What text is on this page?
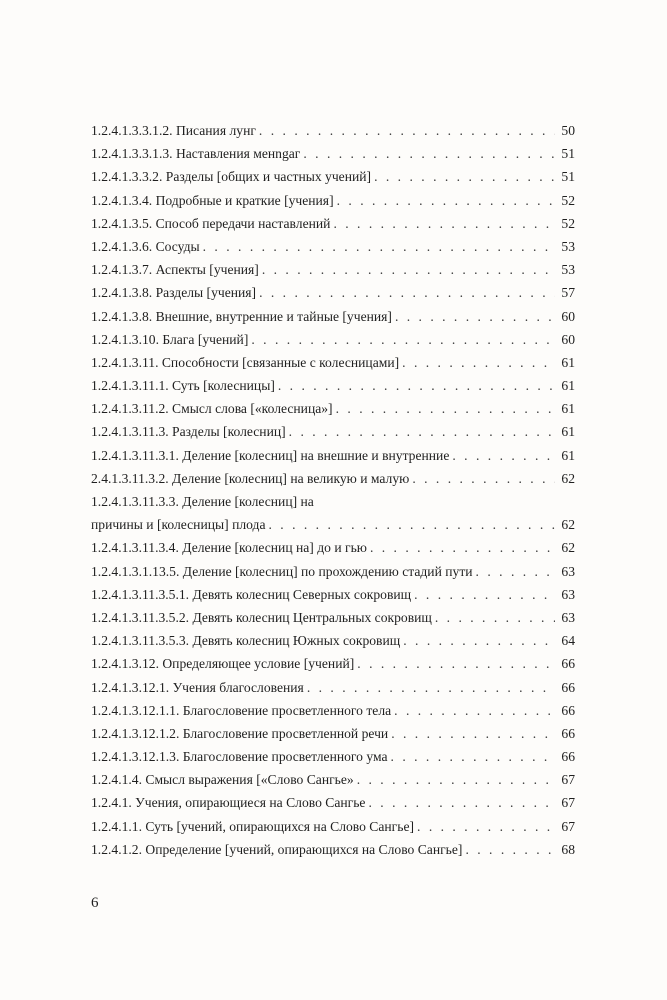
1.2.4.1.3.3.1.2. Писания лунг . . .	50
1.2.4.1.3.3.1.3. Наставления менngаг . . .	51
1.2.4.1.3.3.2. Разделы [общих и частных учений] . . .	51
1.2.4.1.3.4. Подробные и краткие [учения] . . .	52
1.2.4.1.3.5. Способ передачи наставлений . . .	52
1.2.4.1.3.6. Сосуды . . .	53
1.2.4.1.3.7. Аспекты [учения] . . .	53
1.2.4.1.3.8. Разделы [учения] . . .	57
1.2.4.1.3.8. Внешние, внутренние и тайные [учения] . . .	60
1.2.4.1.3.10. Блага [учений] . . .	60
1.2.4.1.3.11. Способности [связанные с колесницами] . . .	61
1.2.4.1.3.11.1. Суть [колесницы] . . .	61
1.2.4.1.3.11.2. Смысл слова [«колесница»] . . .	61
1.2.4.1.3.11.3. Разделы [колесниц] . . .	61
1.2.4.1.3.11.3.1. Деление [колесниц] на внешние и внутренние . . .	61
2.4.1.3.11.3.2. Деление [колесниц] на великую и малую . . .	62
1.2.4.1.3.11.3.3. Деление [колесниц] на
причины и [колесницы] плода . . .	62
1.2.4.1.3.11.3.4. Деление [колесниц на] до и гью . . .	62
1.2.4.1.3.1.13.5. Деление [колесниц] по прохождению стадий пути . . .	63
1.2.4.1.3.11.3.5.1. Девять колесниц Северных сокровищ . . .	63
1.2.4.1.3.11.3.5.2. Девять колесниц Центральных сокровищ . . .	63
1.2.4.1.3.11.3.5.3. Девять колесниц Южных сокровищ . . .	64
1.2.4.1.3.12. Определяющее условие [учений] . . .	66
1.2.4.1.3.12.1. Учения благословения . . .	66
1.2.4.1.3.12.1.1. Благословение просветленного тела . . .	66
1.2.4.1.3.12.1.2. Благословение просветленной речи . . .	66
1.2.4.1.3.12.1.3. Благословение просветленного ума . . .	66
1.2.4.1.4. Смысл выражения [«Слово Сангье» . . .	67
1.2.4.1. Учения, опирающиеся на Слово Сангье . . .	67
1.2.4.1.1. Суть [учений, опирающихся на Слово Сангье] . . .	67
1.2.4.1.2. Определение [учений, опирающихся на Слово Сангье] . . .	68
6
